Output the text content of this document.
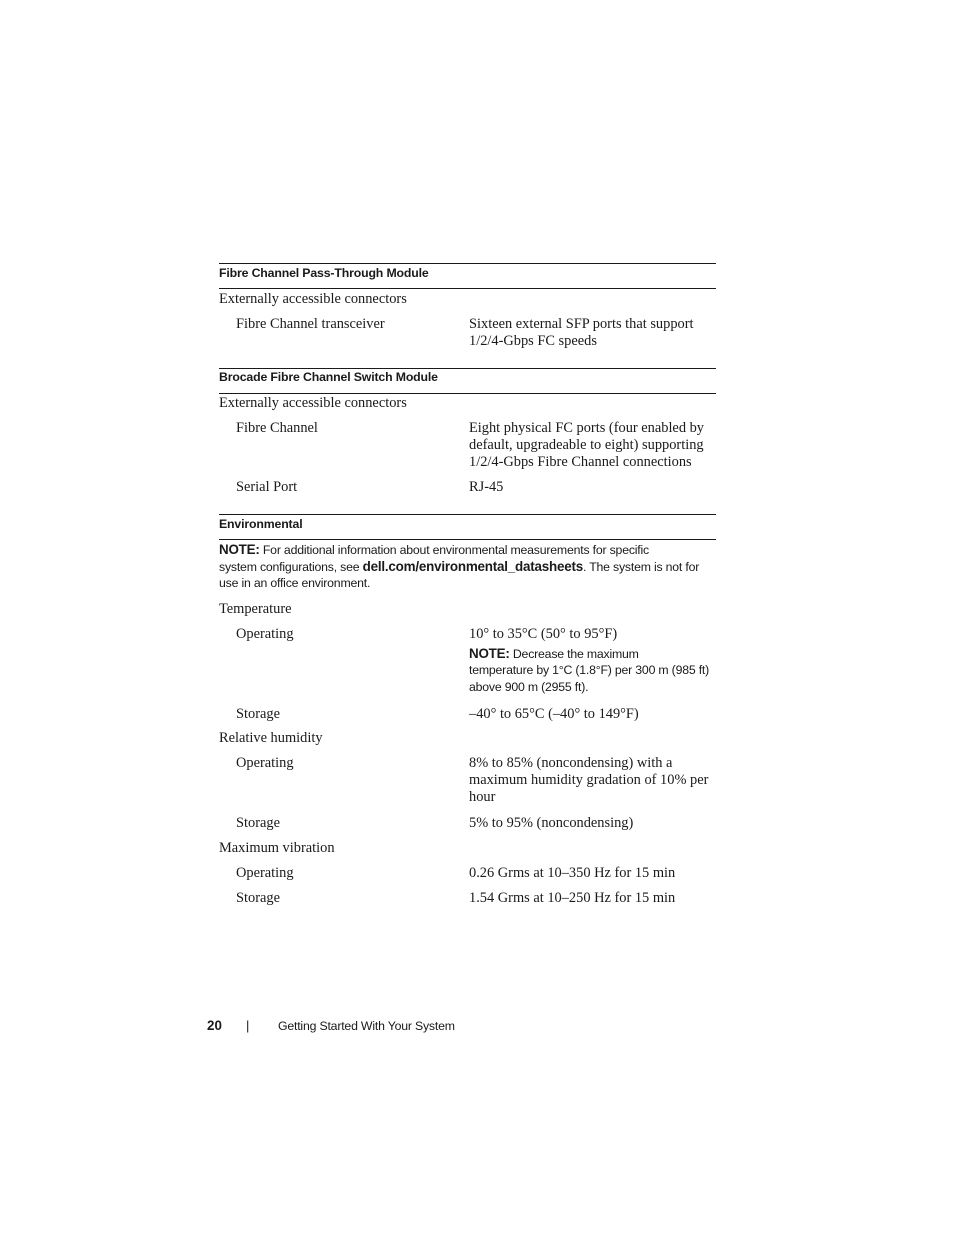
Fibre Channel Pass-Through Module
Externally accessible connectors
Fibre Channel transceiver	Sixteen external SFP ports that support
1/2/4-Gbps FC speeds
Brocade Fibre Channel Switch Module
Externally accessible connectors
Fibre Channel	Eight physical FC ports (four enabled by
default, upgradeable to eight) supporting
1/2/4-Gbps Fibre Channel connections
Serial Port	RJ-45
Environmental
NOTE: For additional information about environmental measurements for specific
system configurations, see dell.com/environmental_datasheets. The system is not for
use in an office environment.
Temperature
Operating	10° to 35°C (50° to 95°F)
NOTE: Decrease the maximum
temperature by 1°C (1.8°F) per 300 m (985 ft)
above 900 m (2955 ft).
Storage	–40° to 65°C (–40° to 149°F)
Relative humidity
Operating	8% to 85% (noncondensing) with a
maximum humidity gradation of 10% per
hour
Storage	5% to 95% (noncondensing)
Maximum vibration
Operating	0.26 Grms at 10–350 Hz for 15 min
Storage	1.54 Grms at 10–250 Hz for 15 min
20 | Getting Started With Your System
